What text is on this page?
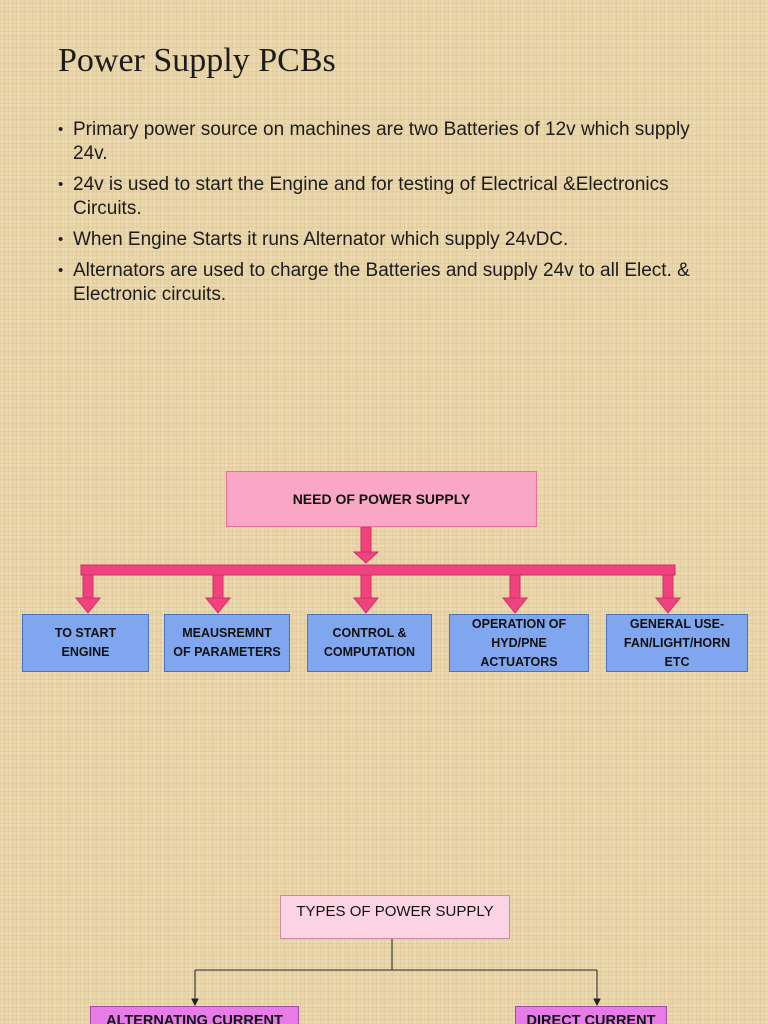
Power Supply PCBs
• Primary power source on machines are two Batteries of 12v which supply 24v.
• 24v is used to start the Engine and for testing of Electrical &Electronics Circuits.
• When Engine Starts it runs Alternator which supply 24vDC.
• Alternators are used to charge the Batteries and supply 24v to all Elect. & Electronic circuits.
NEED OF POWER SUPPLY
TO START
ENGINE
MEAUSREMNT
OF PARAMETERS
CONTROL &
COMPUTATION
OPERATION OF
HYD/PNE
ACTUATORS
GENERAL USE-
FAN/LIGHT/HORN
ETC
TYPES OF POWER SUPPLY
ALTERNATING CURRENT	DIRECT CURRENT
